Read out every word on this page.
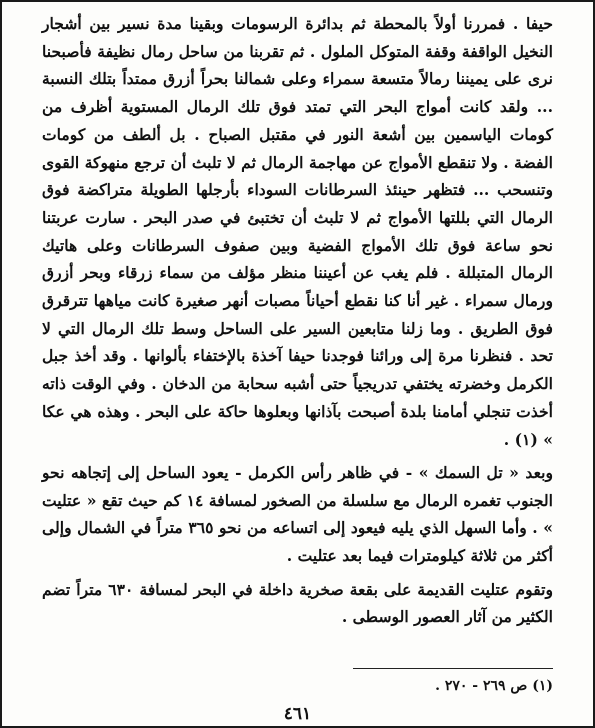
حيفا . فمررنا أولاً بالمحطة ثم بدائرة الرسومات وبقينا مدة نسير بين أشجار النخيل الواقفة وقفة المتوكل الملول . ثم تقربنا من ساحل رمال نظيفة فأصبحنا نرى على يميننا رمالاً متسعة سمراء وعلى شمالنا بحراً أزرق ممتداً بتلك النسبة ... ولقد كانت أمواج البحر التي تمتد فوق تلك الرمال المستوية أظرف من كومات الياسمين بين أشعة النور في مقتبل الصباح . بل ألطف من كومات الفضة . ولا تنقطع الأمواج عن مهاجمة الرمال ثم لا تلبث أن ترجع منهوكة القوى وتنسحب ... فتظهر حينئذ السرطانات السوداء بأرجلها الطويلة متراكضة فوق الرمال التي بللتها الأمواج ثم لا تلبث أن تختبئ في صدر البحر . سارت عربتنا نحو ساعة فوق تلك الأمواج الفضية وبين صفوف السرطانات وعلى هاتيك الرمال المتبللة . فلم يغب عن أعيننا منظر مؤلف من سماء زرقاء وبحر أزرق ورمال سمراء . غير أنا كنا نقطع أحياناً مصبات أنهر صغيرة كانت مياهها تترقرق فوق الطريق . وما زلنا متابعين السير على الساحل وسط تلك الرمال التي لا تحد . فنظرنا مرة إلى ورائنا فوجدنا حيفا آخذة بالإختفاء بألوانها . وقد أخذ جبل الكرمل وخضرته يختفي تدريجياً حتى أشبه سحابة من الدخان . وفي الوقت ذاته أخذت تنجلي أمامنا بلدة أصبحت بآذانها وبعلوها حاكة على البحر . وهذه هي عكا » (١) .

وبعد « تل السمك » - في ظاهر رأس الكرمل - يعود الساحل إلى إتجاهه نحو الجنوب تغمره الرمال مع سلسلة من الصخور لمسافة ١٤ كم حيث تقع « عتليت » . وأما السهل الذي يليه فيعود إلى اتساعه من نحو ٣٦٥ متراً في الشمال وإلى أكثر من ثلاثة كيلومترات فيما بعد عتليت .

وتقوم عتليت القديمة على بقعة صخرية داخلة في البحر لمسافة ٦٣٠ متراً تضم الكثير من آثار العصور الوسطى .

(١) ص ٢٦٩ - ٢٧٠ .
٤٦١
